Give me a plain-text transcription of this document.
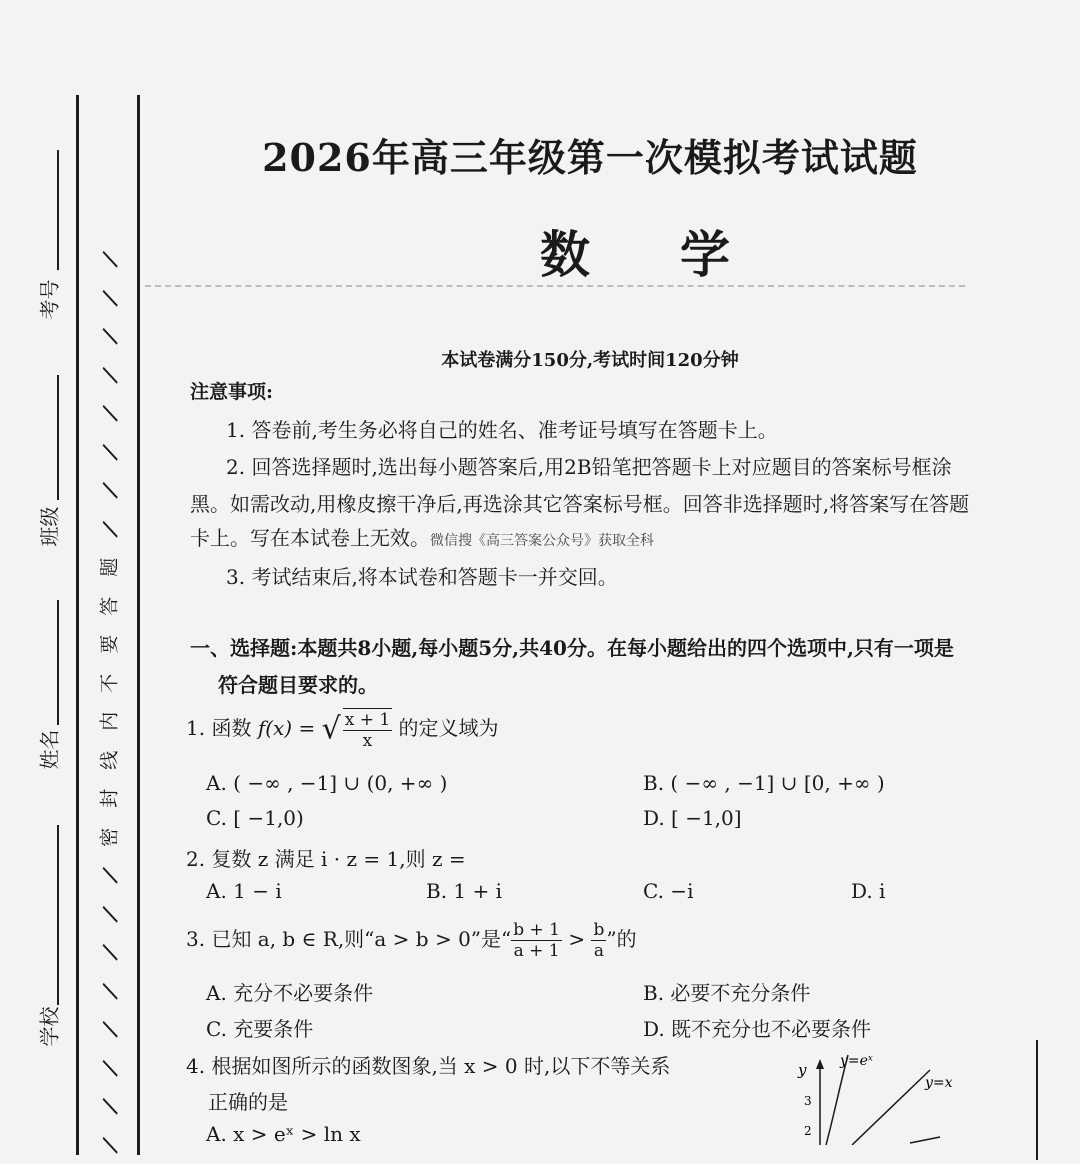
考号
班级
姓名
学校
/
/
/
/
/
/
/
/
题
答
要
不
内
线
封
密
/
/
/
/
/
/
/
/
2026年高三年级第一次模拟考试试题
数学
本试卷满分150分,考试时间120分钟
注意事项:
1. 答卷前,考生务必将自己的姓名、准考证号填写在答题卡上。
2. 回答选择题时,选出每小题答案后,用2B铅笔把答题卡上对应题目的答案标号框涂
黑。如需改动,用橡皮擦干净后,再选涂其它答案标号框。回答非选择题时,将答案写在答题
卡上。写在本试卷上无效。微信搜《高三答案公众号》获取全科
3. 考试结束后,将本试卷和答题卡一并交回。
一、选择题:本题共8小题,每小题5分,共40分。在每小题给出的四个选项中,只有一项是
符合题目要求的。
1. 函数 f(x) = √ $\frac{x + 1}{x}$ 的定义域为
A. ( −∞ , −1] ∪ (0, +∞ )	B. ( −∞ , −1] ∪ [0, +∞ )
C. [ −1,0)	D. [ −1,0]
2. 复数 z 满足 i · z = 1,则 z =
A. 1 − i	B. 1 + i	C. −i	D. i
3. 已知 a, b ∈ R,则“a > b > 0”是“ $\frac{b + 1}{a + 1} > \frac{b}{a}$ ”的
A. 充分不必要条件	B. 必要不充分条件
C. 充要条件	D. 既不充分也不必要条件
4. 根据如图所示的函数图象,当 x > 0 时,以下不等关系
正确的是
A. x > eˣ > ln x
y y=eˣ
y=x
3
2
